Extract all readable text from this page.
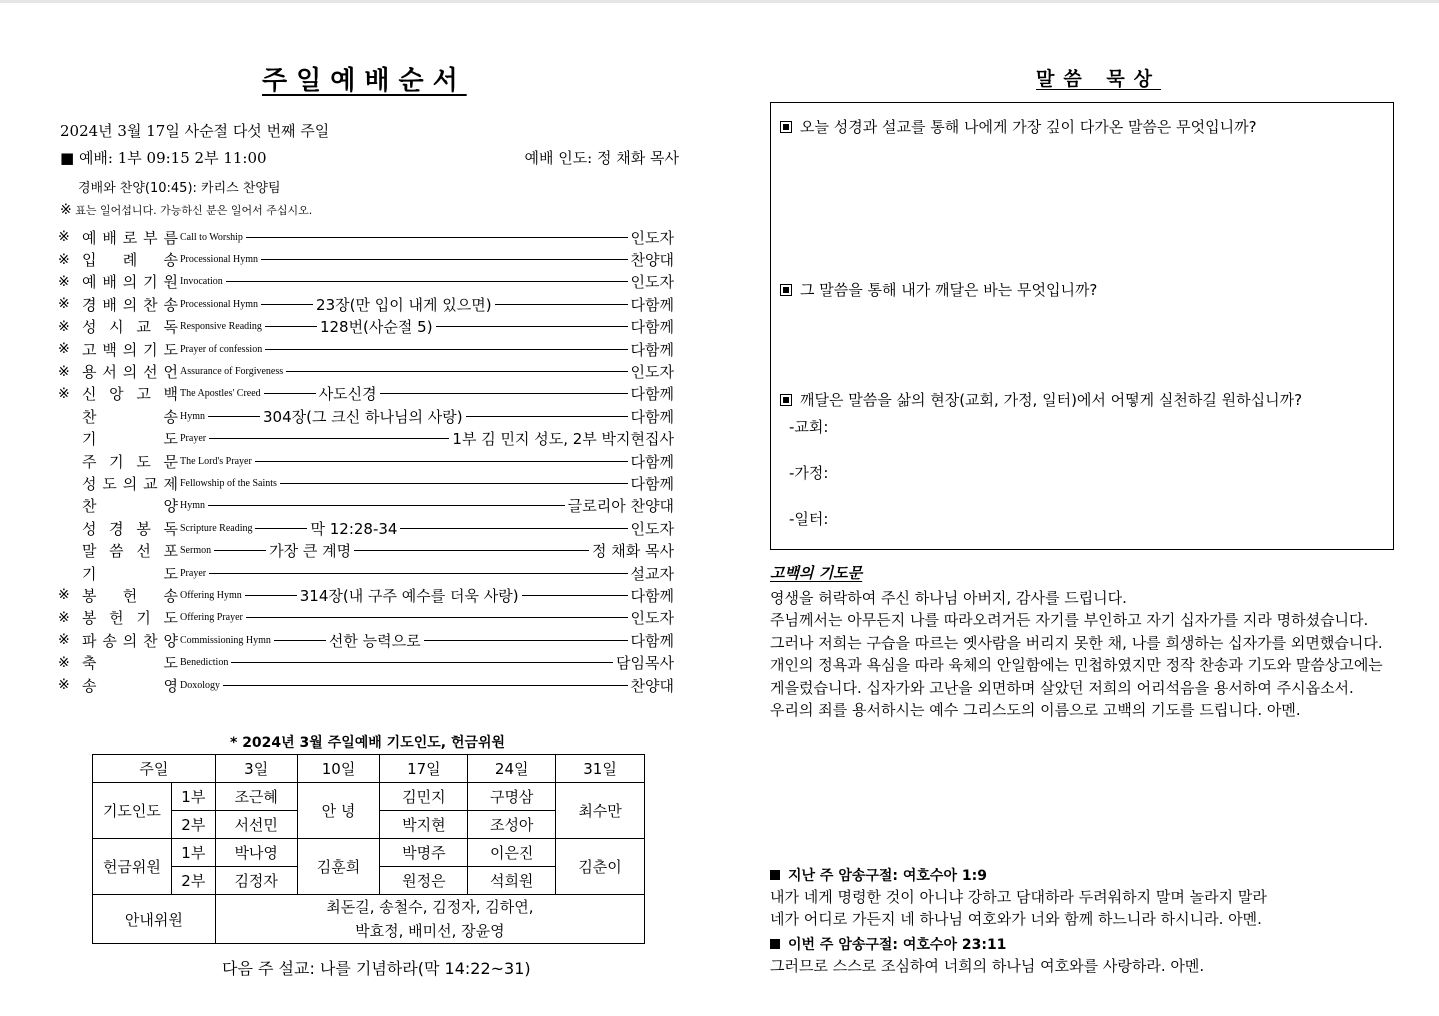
주일예배순서
2024년 3월 17일 사순절 다섯 번째 주일
■ 예배: 1부 09:15 2부 11:00	예배 인도: 정 채화 목사
경배와 찬양(10:45): 카리스 찬양팀
※ 표는 일어섭니다. 가능하신 분은 일어서 주십시오.
※ 예 배 로 부 름 Call to Worship	인도자
※ 입 례 송 Processional Hymn	찬양대
※ 예 배 의 기 원 Invocation	인도자
※ 경 배 의 찬 송 Processional Hymn	23장(만 입이 내게 있으면)	다함께
※ 성 시 교 독 Responsive Reading	128번(사순절 5)	다함께
※ 고 백 의 기 도 Prayer of confession	다함께
※ 용 서 의 선 언 Assurance of Forgiveness	인도자
※ 신 앙 고 백 The Apostles' Creed	사도신경	다함께
찬	송 Hymn	304장(그 크신 하나님의 사랑)	다함께
기	도 Prayer	1부 김 민지 성도, 2부 박지현집사
주 기 도 문 The Lord's Prayer	다함께
성 도 의 교 제 Fellowship of the Saints	다함께
찬	양 Hymn	글로리아 찬양대
성 경 봉 독 Scripture Reading	막 12:28-34	인도자
말 씀 선 포 Sermon	가장 큰 계명	정 채화 목사
기	도 Prayer	설교자
※ 봉 헌 송 Offering Hymn	314장(내 구주 예수를 더욱 사랑)	다함께
※ 봉 헌 기 도 Offering Prayer	인도자
※ 파 송 의 찬 양 Commissioning Hymn	선한 능력으로	다함께
※ 축	도 Benediction	담임목사
※ 송	영 Doxology	찬양대
* 2024년 3월 주일예배 기도인도, 헌금위원
주일		3일	10일	17일	24일	31일
기도인도	1부	조근혜	안 녕	김민지	구명삼	최수만
	2부	서선민		박지현	조성아	
헌금위원	1부	박나영	김훈희	박명주	이은진	김춘이
	2부	김정자		원정은	석희원	
안내위원		최돈길, 송철수, 김정자, 김하연,
박효정, 배미선, 장윤영				
다음 주 설교: 나를 기념하라(막 14:22~31)
말씀 묵상
오늘 성경과 설교를 통해 나에게 가장 깊이 다가온 말씀은 무엇입니까?
그 말씀을 통해 내가 깨달은 바는 무엇입니까?
깨달은 말씀을 삶의 현장(교회, 가정, 일터)에서 어떻게 실천하길 원하십니까?
-교회:
-가정:
-일터:
고백의 기도문
영생을 허락하여 주신 하나님 아버지, 감사를 드립니다.
주님께서는 아무든지 나를 따라오려거든 자기를 부인하고 자기 십자가를 지라 명하셨습니다.
그러나 저희는 구습을 따르는 옛사람을 버리지 못한 채, 나를 희생하는 십자가를 외면했습니다.
개인의 정욕과 욕심을 따라 육체의 안일함에는 민첩하였지만 정작 찬송과 기도와 말씀상고에는
게을렀습니다. 십자가와 고난을 외면하며 살았던 저희의 어리석음을 용서하여 주시옵소서.
우리의 죄를 용서하시는 예수 그리스도의 이름으로 고백의 기도를 드립니다. 아멘.
지난 주 암송구절: 여호수아 1:9
내가 네게 명령한 것이 아니냐 강하고 담대하라 두려워하지 말며 놀라지 말라
네가 어디로 가든지 네 하나님 여호와가 너와 함께 하느니라 하시니라. 아멘.
이번 주 암송구절: 여호수아 23:11
그러므로 스스로 조심하여 너희의 하나님 여호와를 사랑하라. 아멘.
